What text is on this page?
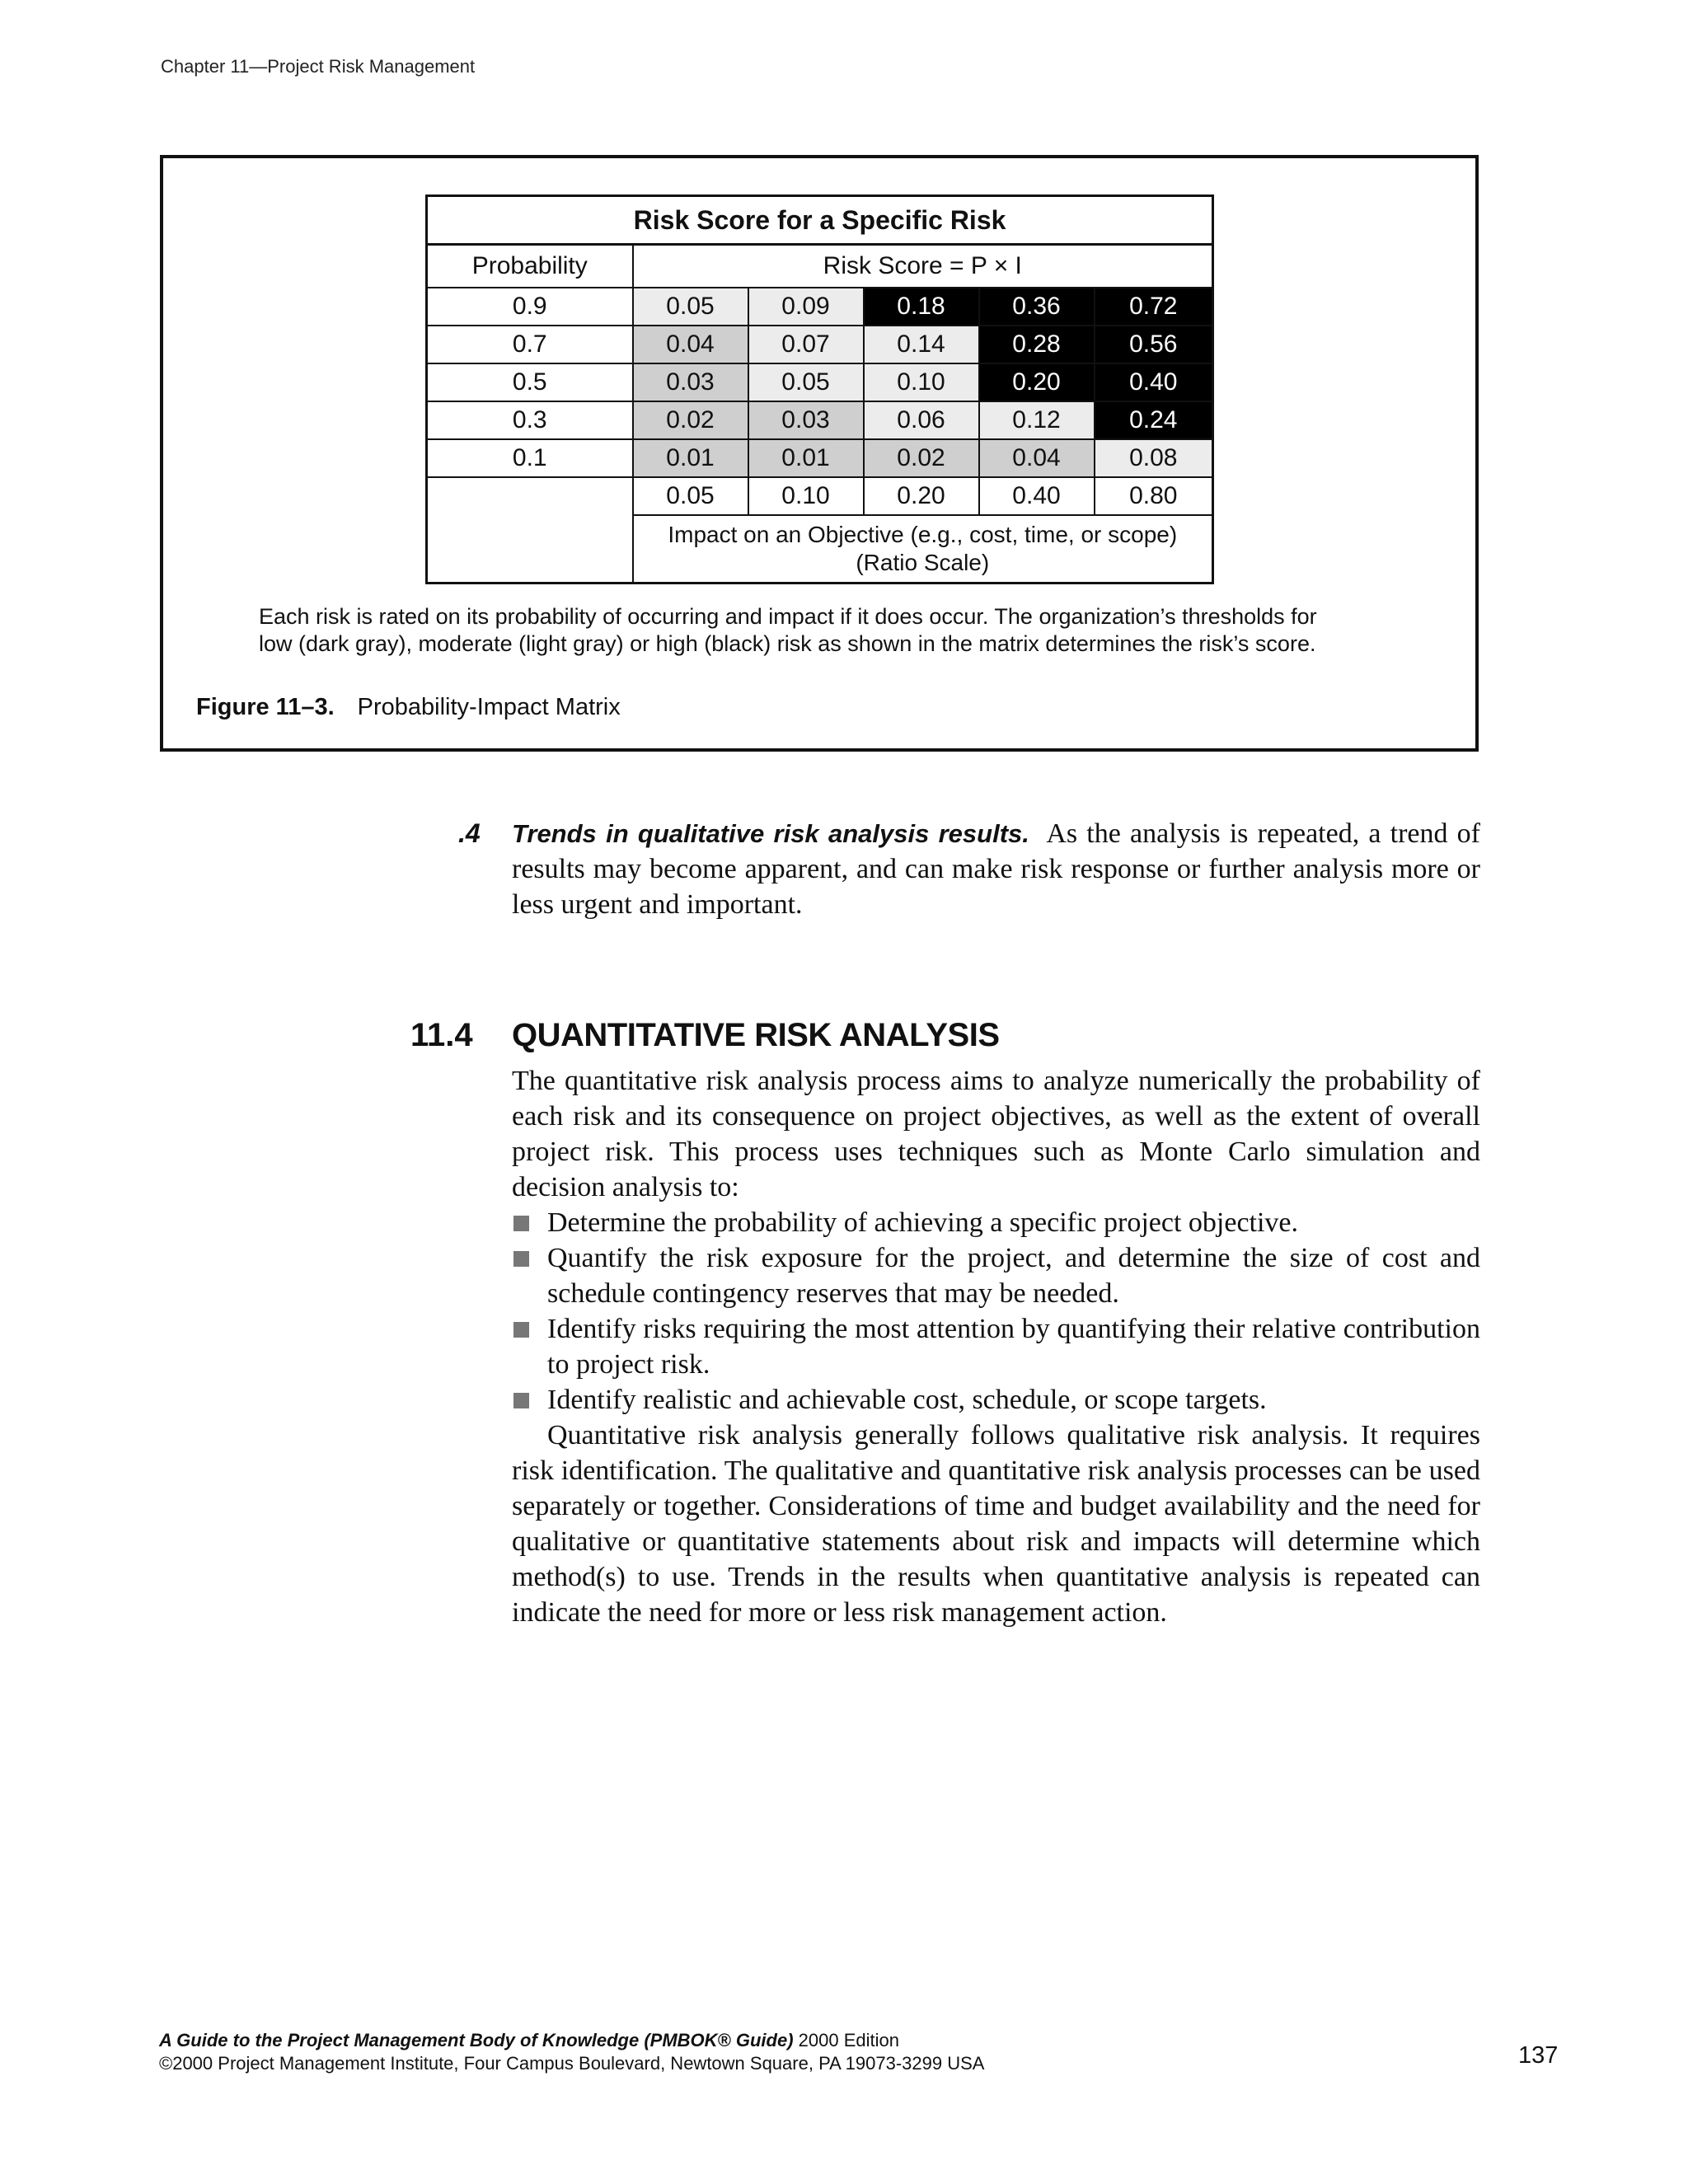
Chapter 11—Project Risk Management
Risk Score for a Specific Risk					
Probability	Risk Score = P × I				
0.9	0.05	0.09	0.18	0.36	0.72
0.7	0.04	0.07	0.14	0.28	0.56
0.5	0.03	0.05	0.10	0.20	0.40
0.3	0.02	0.03	0.06	0.12	0.24
0.1	0.01	0.01	0.02	0.04	0.08
	0.05	0.10	0.20	0.40	0.80

	Impact on an Objective (e.g., cost, time, or scope)
(Ratio Scale)				
Each risk is rated on its probability of occurring and impact if it does occur. The organization’s thresholds for
low (dark gray), moderate (light gray) or high (black) risk as shown in the matrix determines the risk’s score.
Figure 11–3. Probability-Impact Matrix
.4 Trends in qualitative risk analysis results. As the analysis is repeated, a trend of results may become apparent, and can make risk response or further analysis more or less urgent and important.
11.4 QUANTITATIVE RISK ANALYSIS

The quantitative risk analysis process aims to analyze numerically the probability of each risk and its consequence on project objectives, as well as the extent of overall project risk. This process uses techniques such as Monte Carlo simulation and decision analysis to:

Determine the probability of achieving a specific project objective.
Quantify the risk exposure for the project, and determine the size of cost and schedule contingency reserves that may be needed.
Identify risks requiring the most attention by quantifying their relative contribution to project risk.
Identify realistic and achievable cost, schedule, or scope targets.

Quantitative risk analysis generally follows qualitative risk analysis. It requires risk identification. The qualitative and quantitative risk analysis processes can be used separately or together. Considerations of time and budget availability and the need for qualitative or quantitative statements about risk and impacts will determine which method(s) to use. Trends in the results when quantitative analysis is repeated can indicate the need for more or less risk management action.

A Guide to the Project Management Body of Knowledge (PMBOK® Guide) 2000 Edition
©2000 Project Management Institute, Four Campus Boulevard, Newtown Square, PA 19073-3299 USA	137
